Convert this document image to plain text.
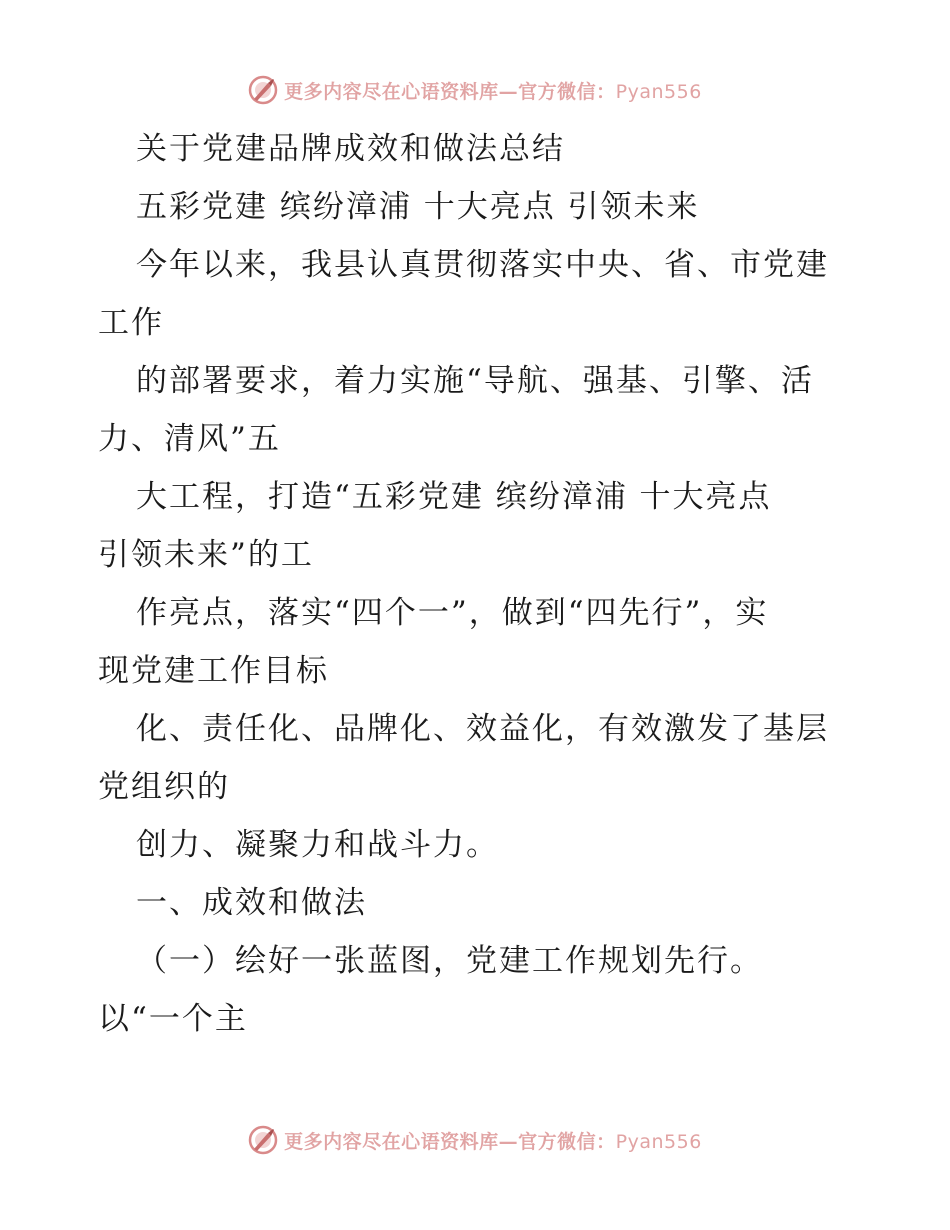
更多内容尽在心语资料库—官方微信：Pyan556
关于党建品牌成效和做法总结
五彩党建 缤纷漳浦 十大亮点 引领未来
今年以来，我县认真贯彻落实中央、省、市党建
工作
的部署要求，着力实施“导航、强基、引擎、活
力、清风”五
大工程，打造“五彩党建 缤纷漳浦 十大亮点
引领未来”的工
作亮点，落实“四个一”，做到“四先行”，实
现党建工作目标
化、责任化、品牌化、效益化，有效激发了基层
党组织的
创力、凝聚力和战斗力。
一、成效和做法
（一）绘好一张蓝图，党建工作规划先行。
以“一个主
更多内容尽在心语资料库—官方微信：Pyan556
